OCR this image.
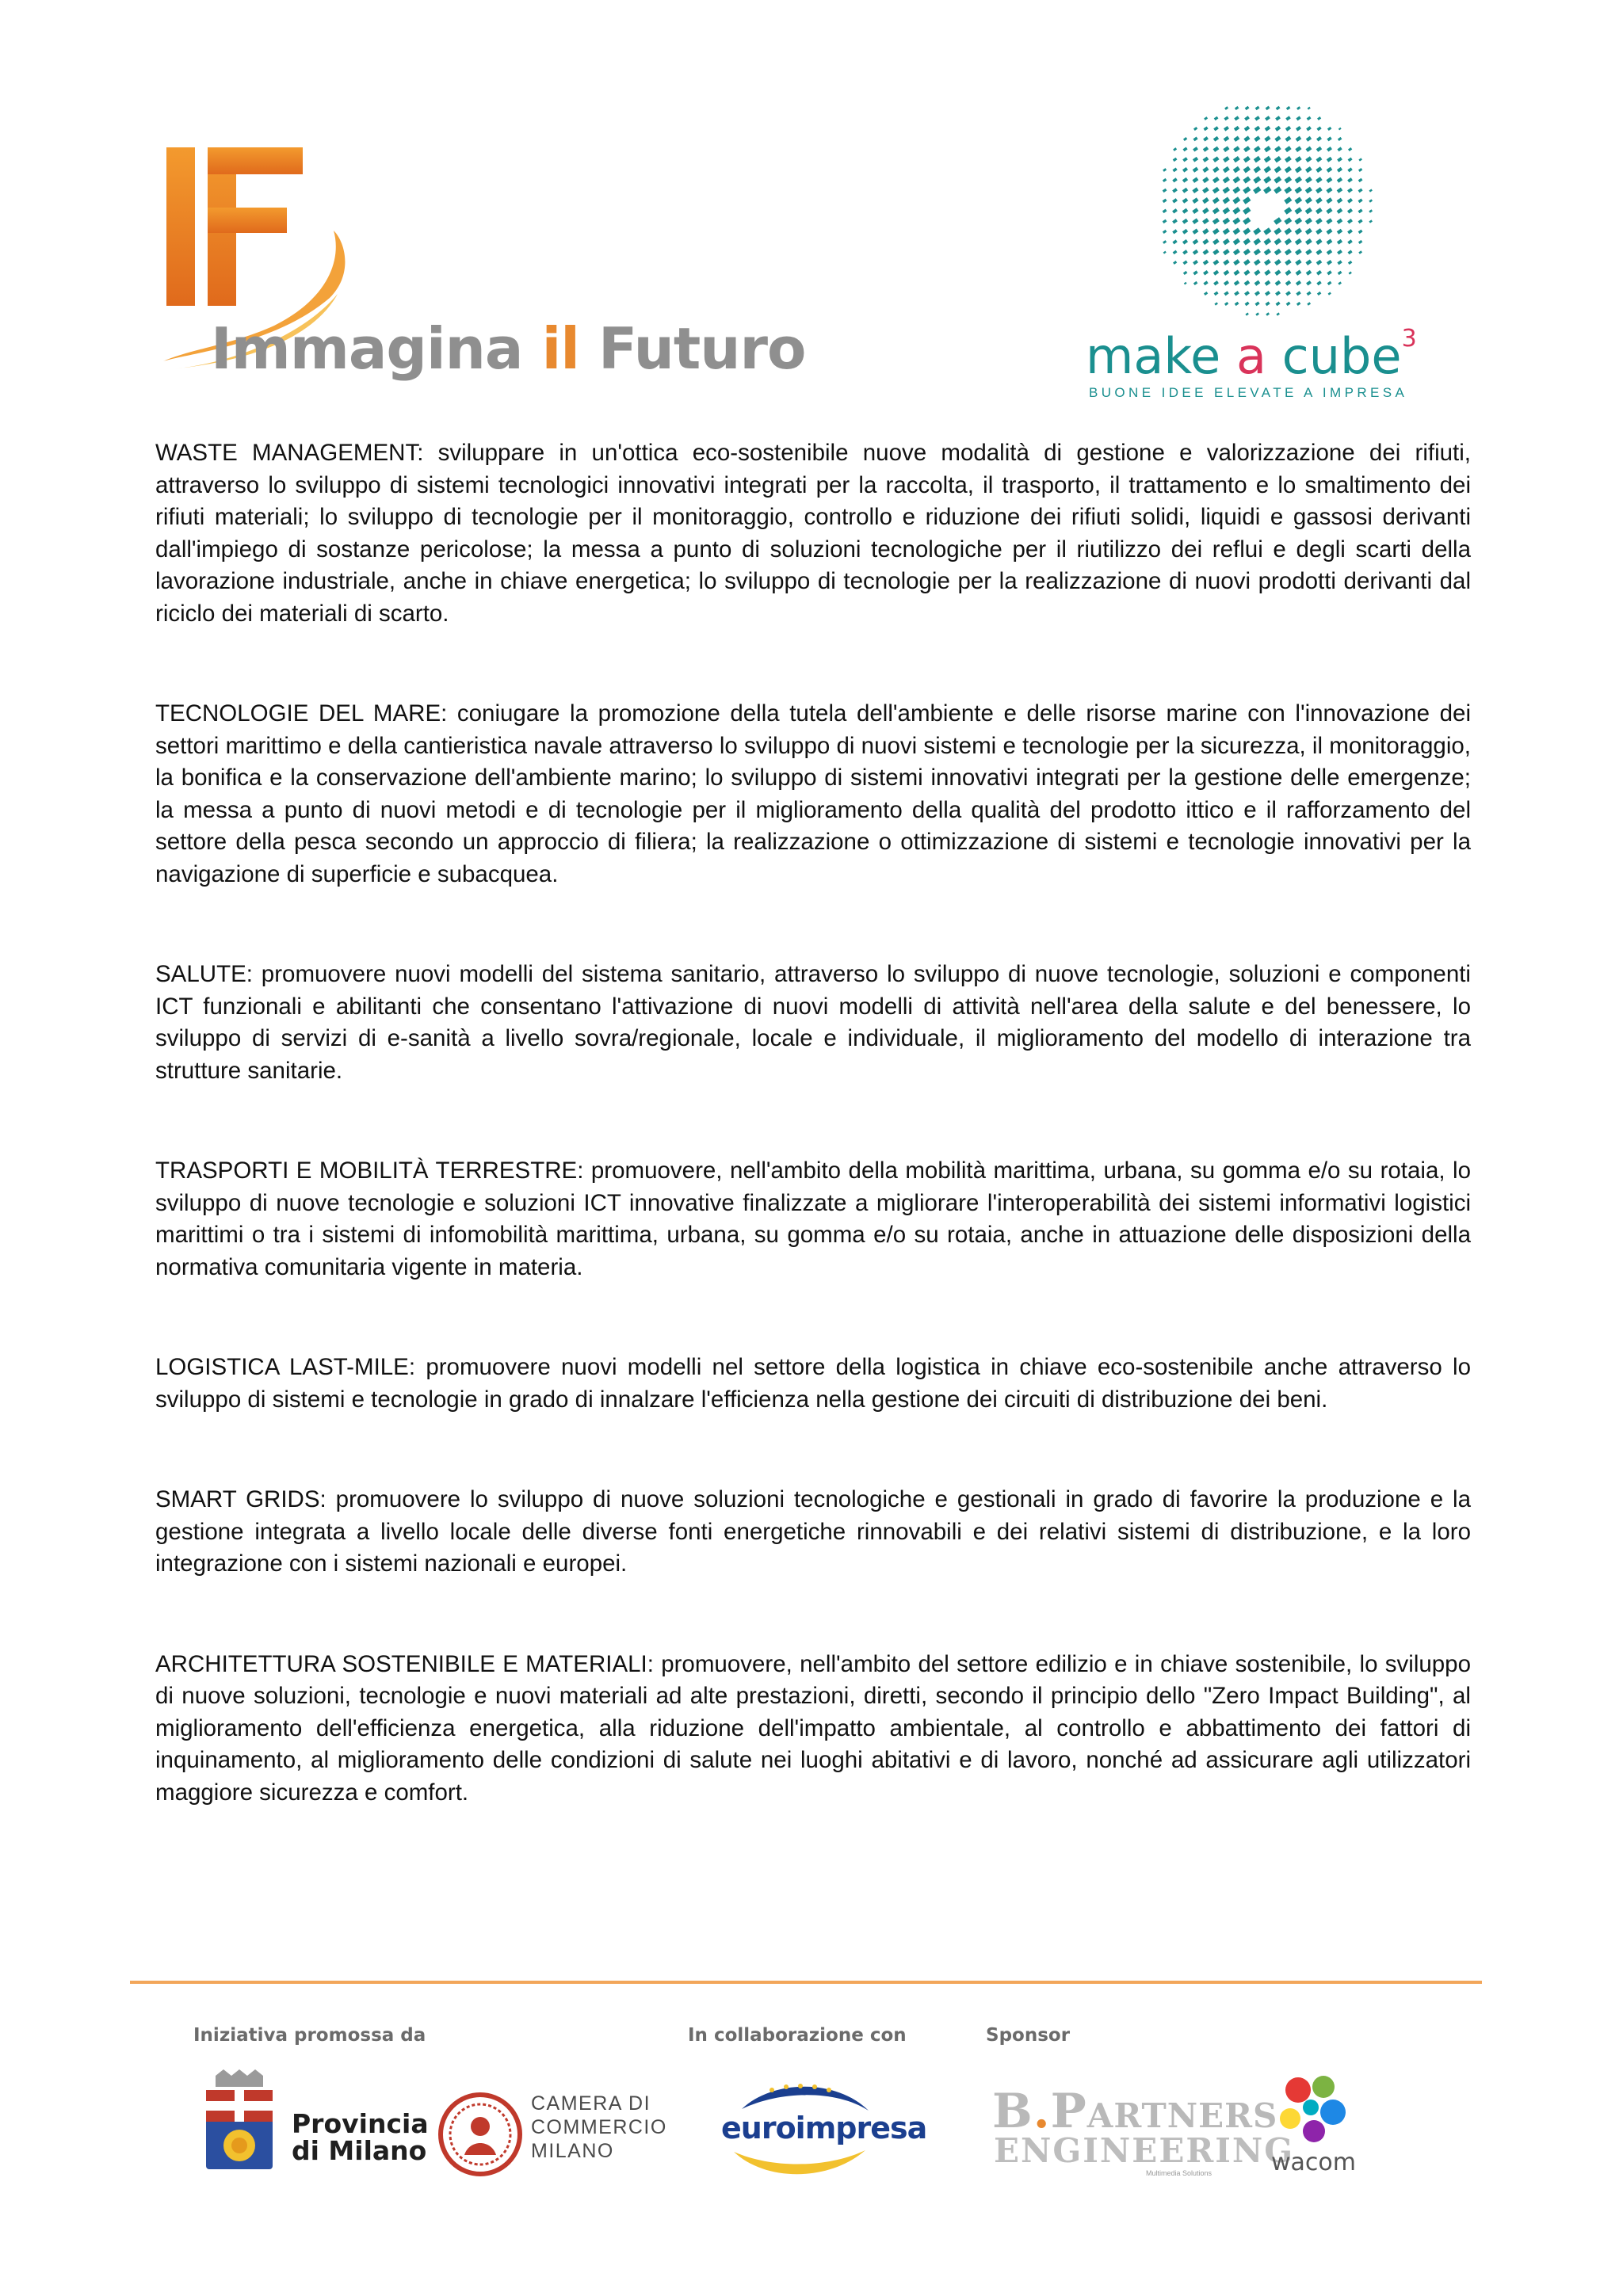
Immagina il Futuro	make a cube$^3$
BUONE IDEE ELEVATE A IMPRESA

WASTE MANAGEMENT: sviluppare in un'ottica eco-sostenibile nuove modalità di gestione e valorizzazione dei rifiuti, attraverso lo sviluppo di sistemi tecnologici innovativi integrati per la raccolta, il trasporto, il trattamento e lo smaltimento dei rifiuti materiali; lo sviluppo di tecnologie per il monitoraggio, controllo e riduzione dei rifiuti solidi, liquidi e gassosi derivanti dall'impiego di sostanze pericolose; la messa a punto di soluzioni tecnologiche per il riutilizzo dei reflui e degli scarti della lavorazione industriale, anche in chiave energetica; lo sviluppo di tecnologie per la realizzazione di nuovi prodotti derivanti dal riciclo dei materiali di scarto.

TECNOLOGIE DEL MARE: coniugare la promozione della tutela dell'ambiente e delle risorse marine con l'innovazione dei settori marittimo e della cantieristica navale attraverso lo sviluppo di nuovi sistemi e tecnologie per la sicurezza, il monitoraggio, la bonifica e la conservazione dell'ambiente marino; lo sviluppo di sistemi innovativi integrati per la gestione delle emergenze; la messa a punto di nuovi metodi e di tecnologie per il miglioramento della qualità del prodotto ittico e il rafforzamento del settore della pesca secondo un approccio di filiera; la realizzazione o ottimizzazione di sistemi e tecnologie innovativi per la navigazione di superficie e subacquea.

SALUTE: promuovere nuovi modelli del sistema sanitario, attraverso lo sviluppo di nuove tecnologie, soluzioni e componenti ICT funzionali e abilitanti che consentano l'attivazione di nuovi modelli di attività nell'area della salute e del benessere, lo sviluppo di servizi di e-sanità a livello sovra/regionale, locale e individuale, il miglioramento del modello di interazione tra strutture sanitarie.

TRASPORTI E MOBILITÀ TERRESTRE: promuovere, nell'ambito della mobilità marittima, urbana, su gomma e/o su rotaia, lo sviluppo di nuove tecnologie e soluzioni ICT innovative finalizzate a migliorare l'interoperabilità dei sistemi informativi logistici marittimi o tra i sistemi di infomobilità marittima, urbana, su gomma e/o su rotaia, anche in attuazione delle disposizioni della normativa comunitaria vigente in materia.

LOGISTICA LAST-MILE: promuovere nuovi modelli nel settore della logistica in chiave eco-sostenibile anche attraverso lo sviluppo di sistemi e tecnologie in grado di innalzare l'efficienza nella gestione dei circuiti di distribuzione dei beni.

SMART GRIDS: promuovere lo sviluppo di nuove soluzioni tecnologiche e gestionali in grado di favorire la produzione e la gestione integrata a livello locale delle diverse fonti energetiche rinnovabili e dei relativi sistemi di distribuzione, e la loro integrazione con i sistemi nazionali e europei.

ARCHITETTURA SOSTENIBILE E MATERIALI: promuovere, nell'ambito del settore edilizio e in chiave sostenibile, lo sviluppo di nuove soluzioni, tecnologie e nuovi materiali ad alte prestazioni, diretti, secondo il principio dello "Zero Impact Building", al miglioramento dell'efficienza energetica, alla riduzione dell'impatto ambientale, al controllo e abbattimento dei fattori di inquinamento, al miglioramento delle condizioni di salute nei luoghi abitativi e di lavoro, nonché ad assicurare agli utilizzatori maggiore sicurezza e comfort.

Iniziativa promossa da	In collaborazione con	Sponsor
Provincia
di Milano
CAMERA DI
COMMERCIO
MILANO
euroimpresa B.PARTNERS
ENGINEERING
Multimedia Solutions wacom
